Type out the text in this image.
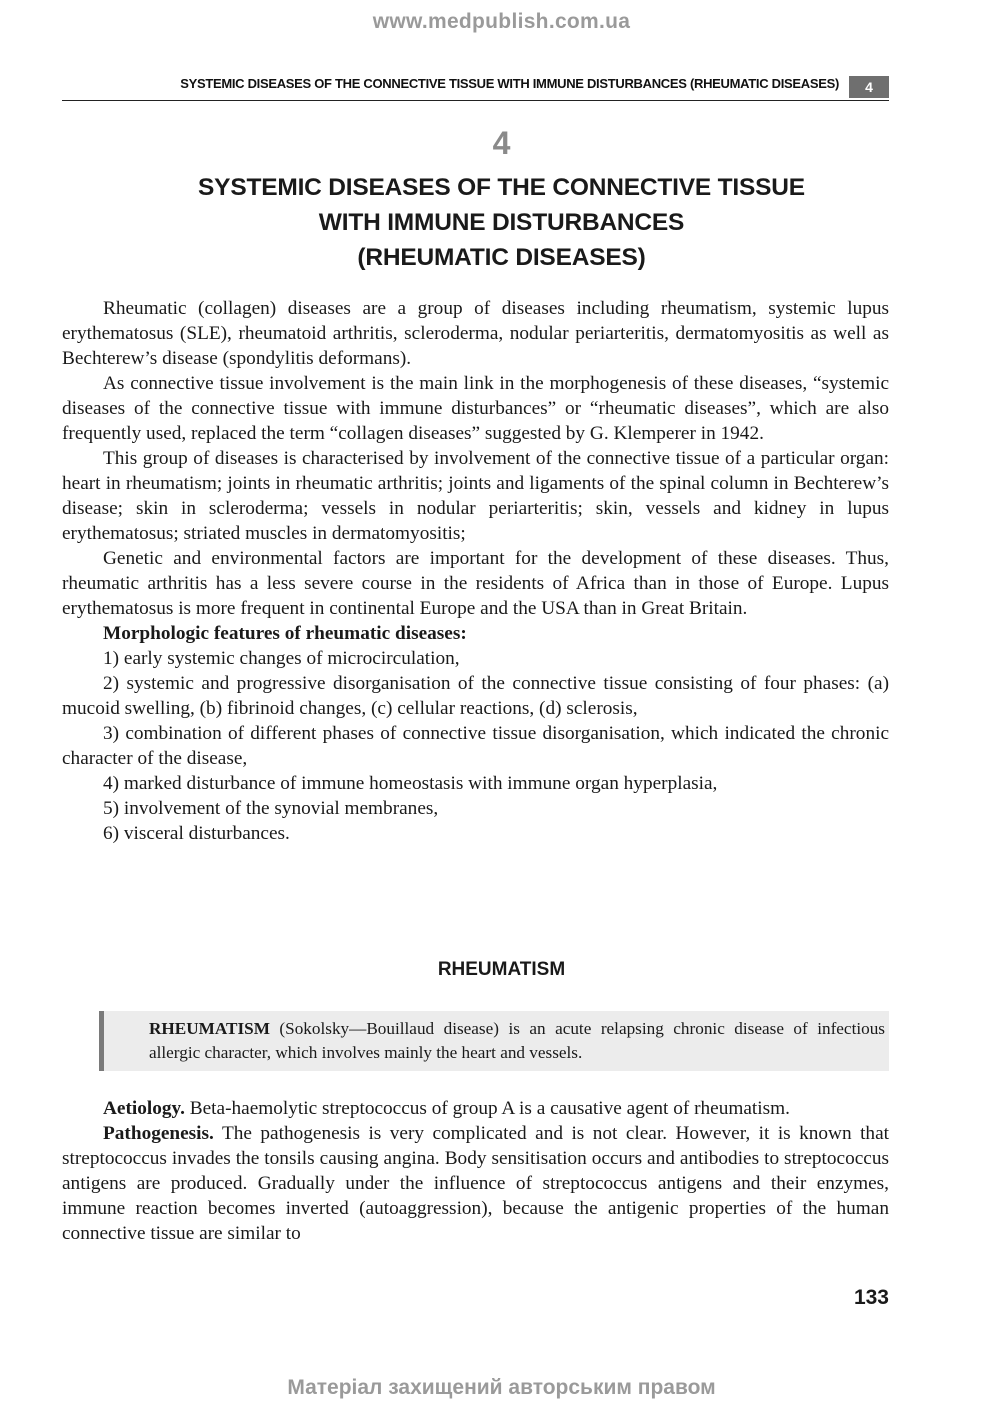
www.medpublish.com.ua
SYSTEMIC DISEASES OF THE CONNECTIVE TISSUE WITH IMMUNE DISTURBANCES (RHEUMATIC DISEASES)	4
4
SYSTEMIC DISEASES OF THE CONNECTIVE TISSUE
WITH IMMUNE DISTURBANCES
(RHEUMATIC DISEASES)

Rheumatic (collagen) diseases are a group of diseases including rheumatism, systemic lupus erythematosus (SLE), rheumatoid arthritis, scleroderma, nodular periarteritis, dermatomyositis as well as Bechterew’s disease (spondylitis deformans).

As connective tissue involvement is the main link in the morphogenesis of these diseases, “systemic diseases of the connective tissue with immune disturbances” or “rheumatic diseases”, which are also frequently used, replaced the term “collagen diseases” suggested by G. Klemperer in 1942.

This group of diseases is characterised by involvement of the connective tissue of a particular organ: heart in rheumatism; joints in rheumatic arthritis; joints and ligaments of the spinal column in Bechterew’s disease; skin in scleroderma; vessels in nodular periarteritis; skin, vessels and kidney in lupus erythematosus; striated muscles in dermatomyositis;

Genetic and environmental factors are important for the development of these diseases. Thus, rheumatic arthritis has a less severe course in the residents of Africa than in those of Europe. Lupus erythematosus is more frequent in continental Europe and the USA than in Great Britain.

Morphologic features of rheumatic diseases:

1) early systemic changes of microcirculation,

2) systemic and progressive disorganisation of the connective tissue consisting of four phases: (a) mucoid swelling, (b) fibrinoid changes, (c) cellular reactions, (d) sclerosis,

3) combination of different phases of connective tissue disorganisation, which indicated the chronic character of the disease,

4) marked disturbance of immune homeostasis with immune organ hyperplasia,

5) involvement of the synovial membranes,

6) visceral disturbances.

RHEUMATISM
RHEUMATISM (Sokolsky—Bouillaud disease) is an acute relapsing chronic disease of infectious allergic character, which involves mainly the heart and vessels.

Aetiology. Beta-haemolytic streptococcus of group A is a causative agent of rheumatism.

Pathogenesis. The pathogenesis is very complicated and is not clear. However, it is known that streptococcus invades the tonsils causing angina. Body sensitisation occurs and antibodies to streptococcus antigens are produced. Gradually under the influence of streptococcus antigens and their enzymes, immune reaction becomes inverted (autoaggression), because the antigenic properties of the human connective tissue are similar to

133
Матеріал захищений авторським правом
